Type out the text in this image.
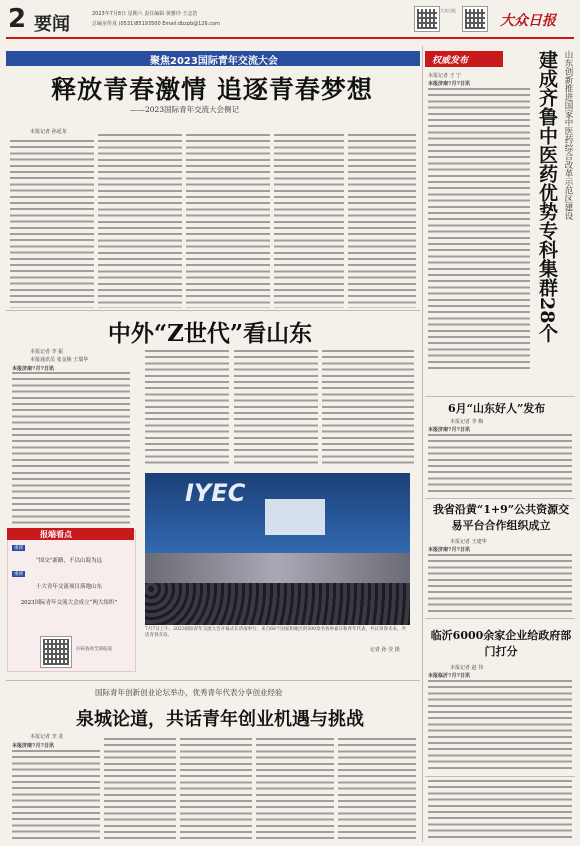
2 要闻	2023年7月8日 星期六 责任编辑 黄雅玲 王志浩
总编室传真 (0531)85193500 Email:dbzpb@126.com
大众日报
大众日报
聚焦2023国际青年交流大会
释放青春激情 追逐青春梦想
——2023国际青年交流大会侧记
本报记者 孙延龙
中外“Z世代”看山东
本报记者 李 振
本报通讯员 张金陵 王瑞华
本报济南7月7日讯
IYEC
7月7日上午，2023国际青年交流大会开幕式在济南举行。来自68个国家和地区的500余名各界嘉宾和青年代表，共议青春未来，共话青春友谊。
记者 孙 莹 摄
报端看点
重磅
“国交”新路，不以山海为远
重磅
十大青年交流项目落地山东
2023国际青年交流大会成立“两大组织”
扫码查看全部报道
国际青年创新创业论坛举办，优秀青年代表分享创业经验
泉城论道，共话青年创业机遇与挑战
本报记者 李 龙
本报济南7月7日讯
权威发布	建成齐鲁中医药优势专科集群28个 山东创新推进国家中医药综合改革示范区建设
本报记者 王 宁
本报济南7月7日讯
6月“山东好人”发布
本报记者 李 梅
本报济南7月7日讯
我省沿黄“1+9”公共资源交易平台合作组织成立
本报记者 王建华
本报济南7月7日讯
临沂6000余家企业给政府部门打分
本报记者 赵 伟
本报临沂7月7日讯
